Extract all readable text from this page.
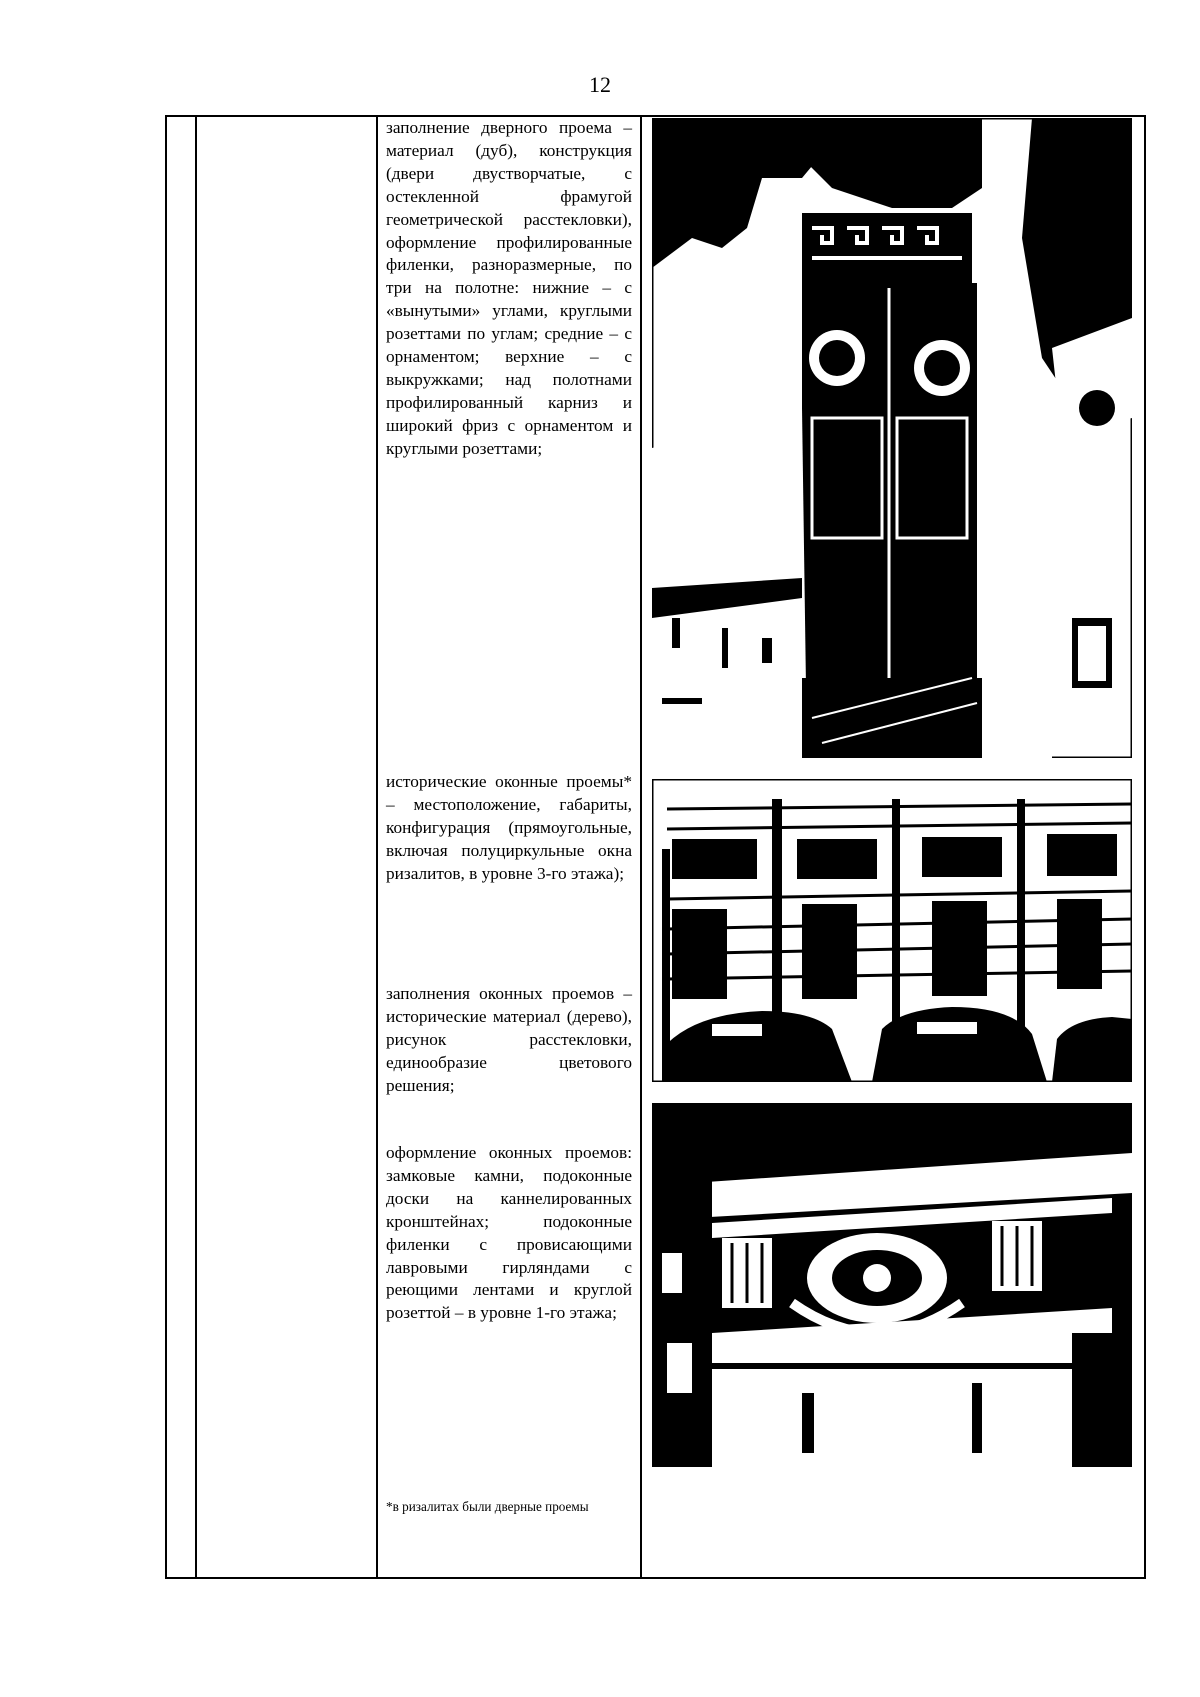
12
заполнение дверного проема – материал (дуб), конструкция (двери двустворчатые, с остекленной фрамугой геометрической расстекловки), оформление профилированные филенки, разноразмерные, по три на полотне: нижние – с «вынутыми» углами, круглыми розеттами по углам; средние – с орнаментом; верхние – с выкружками; над полотнами профилированный карниз и широкий фриз с орнаментом и круглыми розеттами;
исторические оконные проемы* – местоположение, габариты, конфигурация (прямоугольные, включая полуциркульные окна ризалитов, в уровне 3-го этажа);
заполнения оконных проемов – исторические материал (дерево), рисунок расстекловки, единообразие цветового решения;
оформление оконных проемов: замковые камни, подоконные доски на каннелированных кронштейнах; подоконные филенки с провисающими лавровыми гирляндами с реющими лентами и круглой розеттой – в уровне 1-го этажа;
*в ризалитах были дверные проемы
